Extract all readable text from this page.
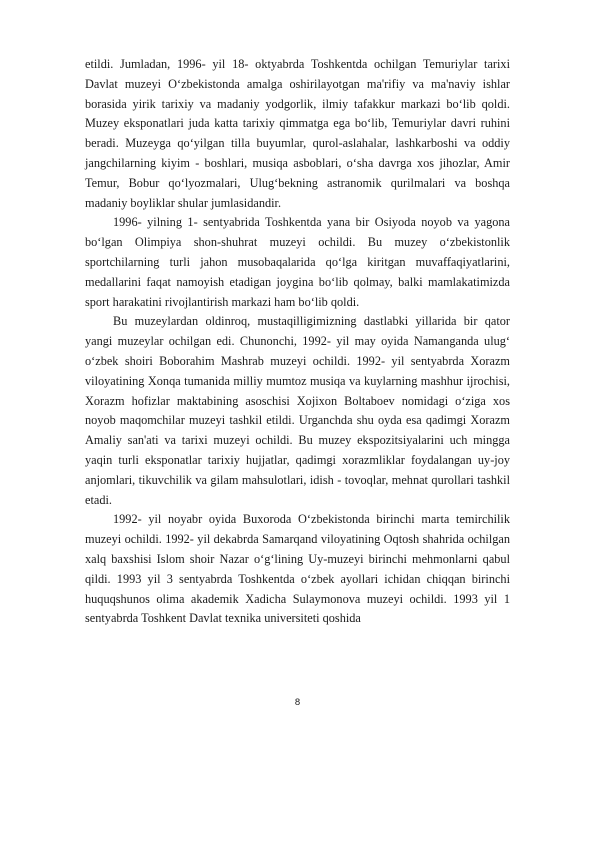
etildi. Jumladan, 1996- yil 18- oktyabrda Toshkentda ochilgan Temuriylar tarixi Davlat muzeyi O‘zbekistonda amalga oshirilayotgan ma'rifiy va ma'naviy ishlar borasida yirik tarixiy va madaniy yodgorlik, ilmiy tafakkur markazi bo‘lib qoldi. Muzey eksponatlari juda katta tarixiy qimmatga ega bo‘lib, Temuriylar davri ruhini beradi. Muzeyga qo‘yilgan tilla buyumlar, qurol-aslahalar, lashkarboshi va oddiy jangchilarning kiyim - boshlari, musiqa asboblari, o‘sha davrga xos jihozlar, Amir Temur, Bobur qo‘lyozmalari, Ulug‘bekning astranomik qurilmalari va boshqa madaniy boyliklar shular jumlasidandir.

1996- yilning 1- sentyabrida Toshkentda yana bir Osiyoda noyob va yagona bo‘lgan Olimpiya shon-shuhrat muzeyi ochildi. Bu muzey o‘zbekistonlik sportchilarning turli jahon musobaqalarida qo‘lga kiritgan muvaffaqiyatlarini, medallarini faqat namoyish etadigan joygina bo‘lib qolmay, balki mamlakatimizda sport harakatini rivojlantirish markazi ham bo‘lib qoldi.

Bu muzeylardan oldinroq, mustaqilligimizning dastlabki yillarida bir qator yangi muzeylar ochilgan edi. Chunonchi, 1992- yil may oyida Namanganda ulug‘ o‘zbek shoiri Boborahim Mashrab muzeyi ochildi. 1992- yil sentyabrda Xorazm viloyatining Xonqa tumanida milliy mumtoz musiqa va kuylarning mashhur ijrochisi, Xorazm hofizlar maktabining asoschisi Xojixon Boltaboev nomidagi o‘ziga xos noyob maqomchilar muzeyi tashkil etildi. Urganchda shu oyda esa qadimgi Xorazm Amaliy san'ati va tarixi muzeyi ochildi. Bu muzey ekspozitsiyalarini uch mingga yaqin turli eksponatlar tarixiy hujjatlar, qadimgi xorazmliklar foydalangan uy-joy anjomlari, tikuvchilik va gilam mahsulotlari, idish - tovoqlar, mehnat qurollari tashkil etadi.

1992- yil noyabr oyida Buxoroda O‘zbekistonda birinchi marta temirchilik muzeyi ochildi. 1992- yil dekabrda Samarqand viloyatining Oqtosh shahrida ochilgan xalq baxshisi Islom shoir Nazar o‘g‘lining Uy-muzeyi birinchi mehmonlarni qabul qildi. 1993 yil 3 sentyabrda Toshkentda o‘zbek ayollari ichidan chiqqan birinchi huquqshunos olima akademik Xadicha Sulaymonova muzeyi ochildi. 1993 yil 1 sentyabrda Toshkent Davlat texnika universiteti qoshida

8
